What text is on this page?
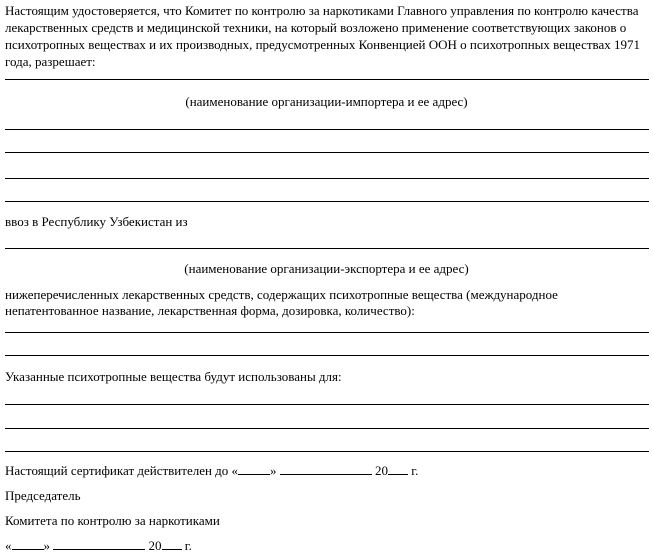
Настоящим удостоверяется, что Комитет по контролю за наркотиками Главного управления по контролю качества
лекарственных средств и медицинской техники, на который возложено применение соответствующих законов о
психотропных веществах и их производных, предусмотренных Конвенцией ООН о психотропных веществах 1971
года, разрешает:
(наименование организации-импортера и ее адрес)
ввоз в Республику Узбекистан из
(наименование организации-экспортера и ее адрес)
нижеперечисленных лекарственных средств, содержащих психотропные вещества (международное
непатентованное название, лекарственная форма, дозировка, количество):
Указанные психотропные вещества будут использованы для:
Настоящий сертификат действителен до « »	20 г.
Председатель
Комитета по контролю за наркотиками
« »	20 г.
